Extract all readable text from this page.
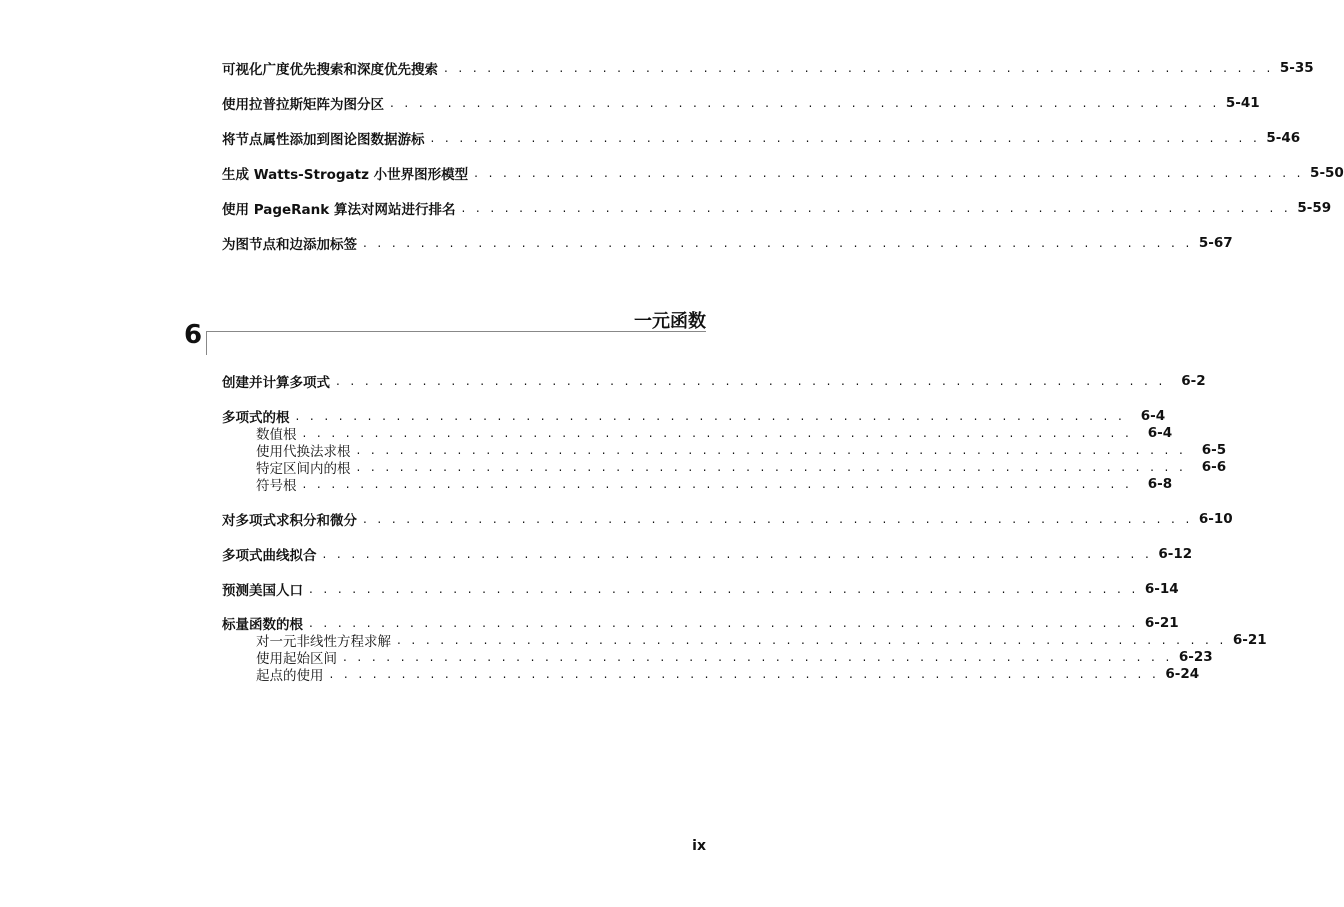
可视化广度优先搜索和深度优先搜索 . . . . . . . . . . . . . . . . . . . . . . . . . . . . . . . . . . . . . . . . . . . . . . . . . . . . . . . . . . 5-35
使用拉普拉斯矩阵为图分区 . . . . . . . . . . . . . . . . . . . . . . . . . . . . . . . . . . . . . . . . . . . . . . . . . . . . . . . . . . 5-41
将节点属性添加到图论图数据游标 . . . . . . . . . . . . . . . . . . . . . . . . . . . . . . . . . . . . . . . . . . . . . . . . . . . . . . . . . . 5-46
生成 Watts-Strogatz 小世界图形模型 . . . . . . . . . . . . . . . . . . . . . . . . . . . . . . . . . . . . . . . . . . . . . . . . . . . . . . . . . . 5-50
使用 PageRank 算法对网站进行排名 . . . . . . . . . . . . . . . . . . . . . . . . . . . . . . . . . . . . . . . . . . . . . . . . . . . . . . . . . . 5-59
为图节点和边添加标签 . . . . . . . . . . . . . . . . . . . . . . . . . . . . . . . . . . . . . . . . . . . . . . . . . . . . . . . . . . 5-67
一元函数
6
创建并计算多项式 . . . . . . . . . . . . . . . . . . . . . . . . . . . . . . . . . . . . . . . . . . . . . . . . . . . . . . . . . .	6-2
多项式的根 . . . . . . . . . . . . . . . . . . . . . . . . . . . . . . . . . . . . . . . . . . . . . . . . . . . . . . . . . .	6-4
数值根 . . . . . . . . . . . . . . . . . . . . . . . . . . . . . . . . . . . . . . . . . . . . . . . . . . . . . . . . . .	6-4
使用代换法求根 . . . . . . . . . . . . . . . . . . . . . . . . . . . . . . . . . . . . . . . . . . . . . . . . . . . . . . . . . .	6-5
特定区间内的根 . . . . . . . . . . . . . . . . . . . . . . . . . . . . . . . . . . . . . . . . . . . . . . . . . . . . . . . . . .	6-6
符号根 . . . . . . . . . . . . . . . . . . . . . . . . . . . . . . . . . . . . . . . . . . . . . . . . . . . . . . . . . .	6-8
对多项式求积分和微分 . . . . . . . . . . . . . . . . . . . . . . . . . . . . . . . . . . . . . . . . . . . . . . . . . . . . . . . . . . 6-10
多项式曲线拟合 . . . . . . . . . . . . . . . . . . . . . . . . . . . . . . . . . . . . . . . . . . . . . . . . . . . . . . . . . . 6-12
预测美国人口 . . . . . . . . . . . . . . . . . . . . . . . . . . . . . . . . . . . . . . . . . . . . . . . . . . . . . . . . . . 6-14
标量函数的根 . . . . . . . . . . . . . . . . . . . . . . . . . . . . . . . . . . . . . . . . . . . . . . . . . . . . . . . . . . 6-21
对一元非线性方程求解 . . . . . . . . . . . . . . . . . . . . . . . . . . . . . . . . . . . . . . . . . . . . . . . . . . . . . . . . . . 6-21
使用起始区间 . . . . . . . . . . . . . . . . . . . . . . . . . . . . . . . . . . . . . . . . . . . . . . . . . . . . . . . . . . 6-23
起点的使用 . . . . . . . . . . . . . . . . . . . . . . . . . . . . . . . . . . . . . . . . . . . . . . . . . . . . . . . . . . 6-24
ix
